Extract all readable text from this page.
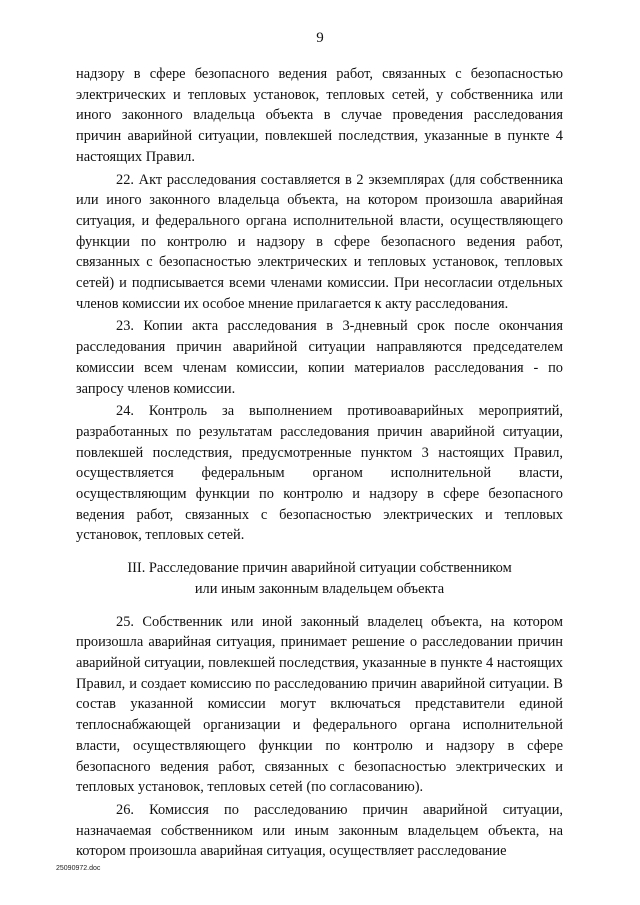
9

надзору в сфере безопасного ведения работ, связанных с безопасностью электрических и тепловых установок, тепловых сетей, у собственника или иного законного владельца объекта в случае проведения расследования причин аварийной ситуации, повлекшей последствия, указанные в пункте 4 настоящих Правил.

22. Акт расследования составляется в 2 экземплярах (для собственника или иного законного владельца объекта, на котором произошла аварийная ситуация, и федерального органа исполнительной власти, осуществляющего функции по контролю и надзору в сфере безопасного ведения работ, связанных с безопасностью электрических и тепловых установок, тепловых сетей) и подписывается всеми членами комиссии. При несогласии отдельных членов комиссии их особое мнение прилагается к акту расследования.

23. Копии акта расследования в 3-дневный срок после окончания расследования причин аварийной ситуации направляются председателем комиссии всем членам комиссии, копии материалов расследования - по запросу членов комиссии.

24. Контроль за выполнением противоаварийных мероприятий, разработанных по результатам расследования причин аварийной ситуации, повлекшей последствия, предусмотренные пунктом 3 настоящих Правил, осуществляется федеральным органом исполнительной власти, осуществляющим функции по контролю и надзору в сфере безопасного ведения работ, связанных с безопасностью электрических и тепловых установок, тепловых сетей.

III. Расследование причин аварийной ситуации собственником
или иным законным владельцем объекта

25. Собственник или иной законный владелец объекта, на котором произошла аварийная ситуация, принимает решение о расследовании причин аварийной ситуации, повлекшей последствия, указанные в пункте 4 настоящих Правил, и создает комиссию по расследованию причин аварийной ситуации. В состав указанной комиссии могут включаться представители единой теплоснабжающей организации и федерального органа исполнительной власти, осуществляющего функции по контролю и надзору в сфере безопасного ведения работ, связанных с безопасностью электрических и тепловых установок, тепловых сетей (по согласованию).

26. Комиссия по расследованию причин аварийной ситуации, назначаемая собственником или иным законным владельцем объекта, на котором произошла аварийная ситуация, осуществляет расследование

25090972.doc
